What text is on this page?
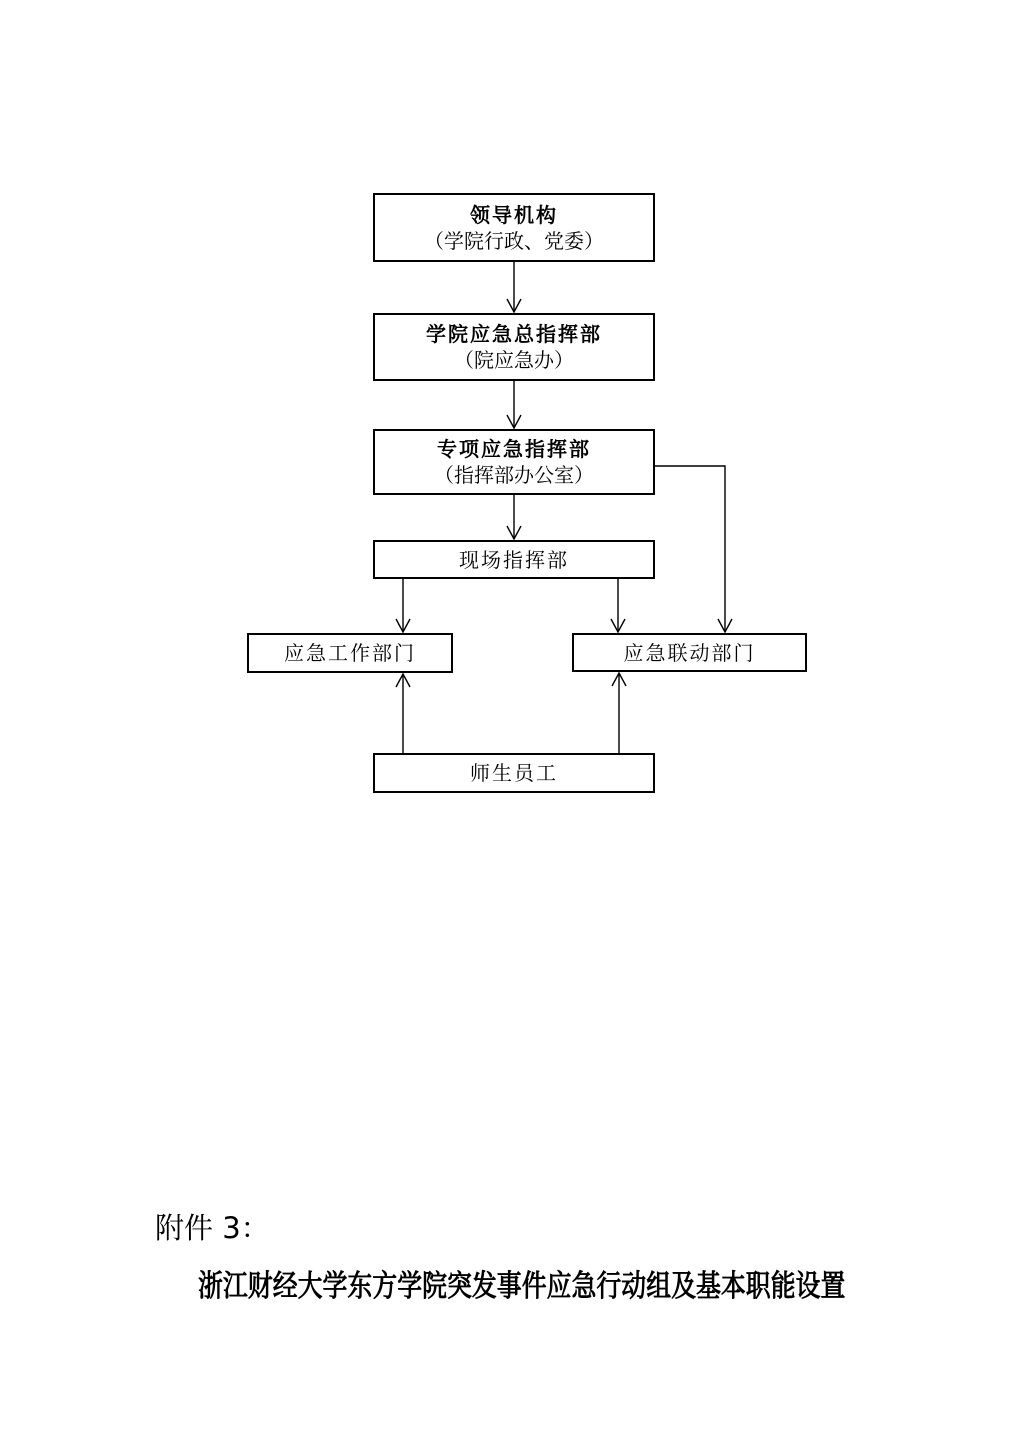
领导机构
（学院行政、党委）
学院应急总指挥部
（院应急办）
专项应急指挥部
（指挥部办公室）
现场指挥部
应急工作部门	应急联动部门
师生员工
附件 3：
浙江财经大学东方学院突发事件应急行动组及基本职能设置
